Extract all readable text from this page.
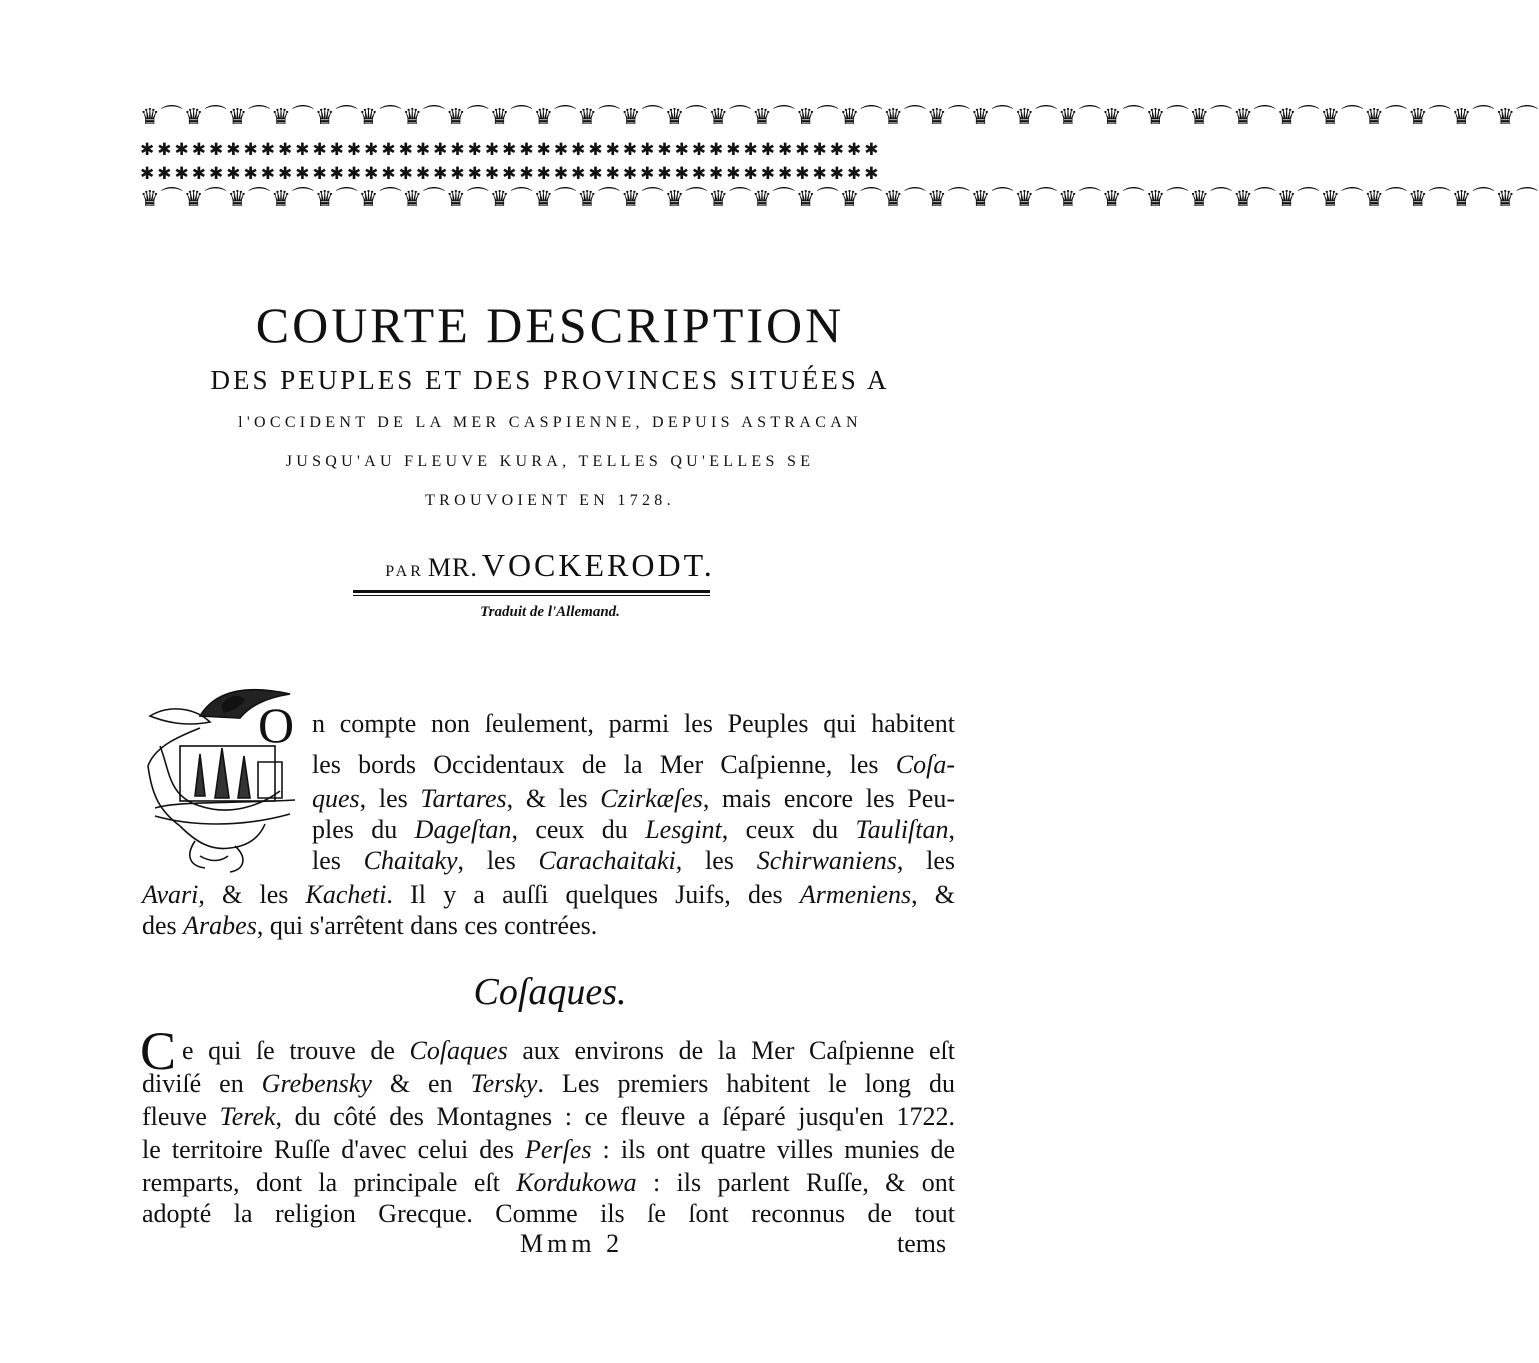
♛⌒♛⌒♛⌒♛⌒♛⌒♛⌒♛⌒♛⌒♛⌒♛⌒♛⌒♛⌒♛⌒♛⌒♛⌒♛⌒♛⌒♛⌒♛⌒♛⌒♛⌒♛⌒♛⌒♛⌒♛⌒♛⌒♛⌒♛⌒♛⌒♛⌒♛⌒♛⌒
✱✱✱✱✱✱✱✱✱✱✱✱✱✱✱✱✱✱✱✱✱✱✱✱✱✱✱✱✱✱✱✱✱✱✱✱✱✱✱✱✱✱✱
✱✱✱✱✱✱✱✱✱✱✱✱✱✱✱✱✱✱✱✱✱✱✱✱✱✱✱✱✱✱✱✱✱✱✱✱✱✱✱✱✱✱✱
♛⌒♛⌒♛⌒♛⌒♛⌒♛⌒♛⌒♛⌒♛⌒♛⌒♛⌒♛⌒♛⌒♛⌒♛⌒♛⌒♛⌒♛⌒♛⌒♛⌒♛⌒♛⌒♛⌒♛⌒♛⌒♛⌒♛⌒♛⌒♛⌒♛⌒♛⌒♛⌒
COURTE DESCRIPTION
DES PEUPLES ET DES PROVINCES SITUÉES A
l'OCCIDENT DE LA MER CASPIENNE, DEPUIS ASTRACAN
JUSQU'AU FLEUVE KURA, TELLES QU'ELLES SE
TROUVOIENT EN 1728.
PAR MR. VOCKERODT.
Traduit de l'Allemand.
O n compte non ſeulement, parmi les Peuples qui habitent
les bords Occidentaux de la Mer Caſpienne, les Coſa-
ques, les Tartares, & les Czirkæſes, mais encore les Peu-
ples du Dageſtan, ceux du Lesgint, ceux du Tauliſtan,
les Chaitaky, les Carachaitaki, les Schirwaniens, les
Avari, & les Kacheti. Il y a auſſi quelques Juifs, des Armeniens, &
des Arabes, qui s'arrêtent dans ces contrées.
Coſaques.
C e qui ſe trouve de Coſaques aux environs de la Mer Caſpienne eſt
diviſé en Grebensky & en Tersky. Les premiers habitent le long du
fleuve Terek, du côté des Montagnes : ce fleuve a ſéparé jusqu'en 1722.
le territoire Ruſſe d'avec celui des Perſes : ils ont quatre villes munies de
remparts, dont la principale eſt Kordukowa : ils parlent Ruſſe, & ont
adopté la religion Grecque. Comme ils ſe ſont reconnus de tout
Mmm 2	tems
